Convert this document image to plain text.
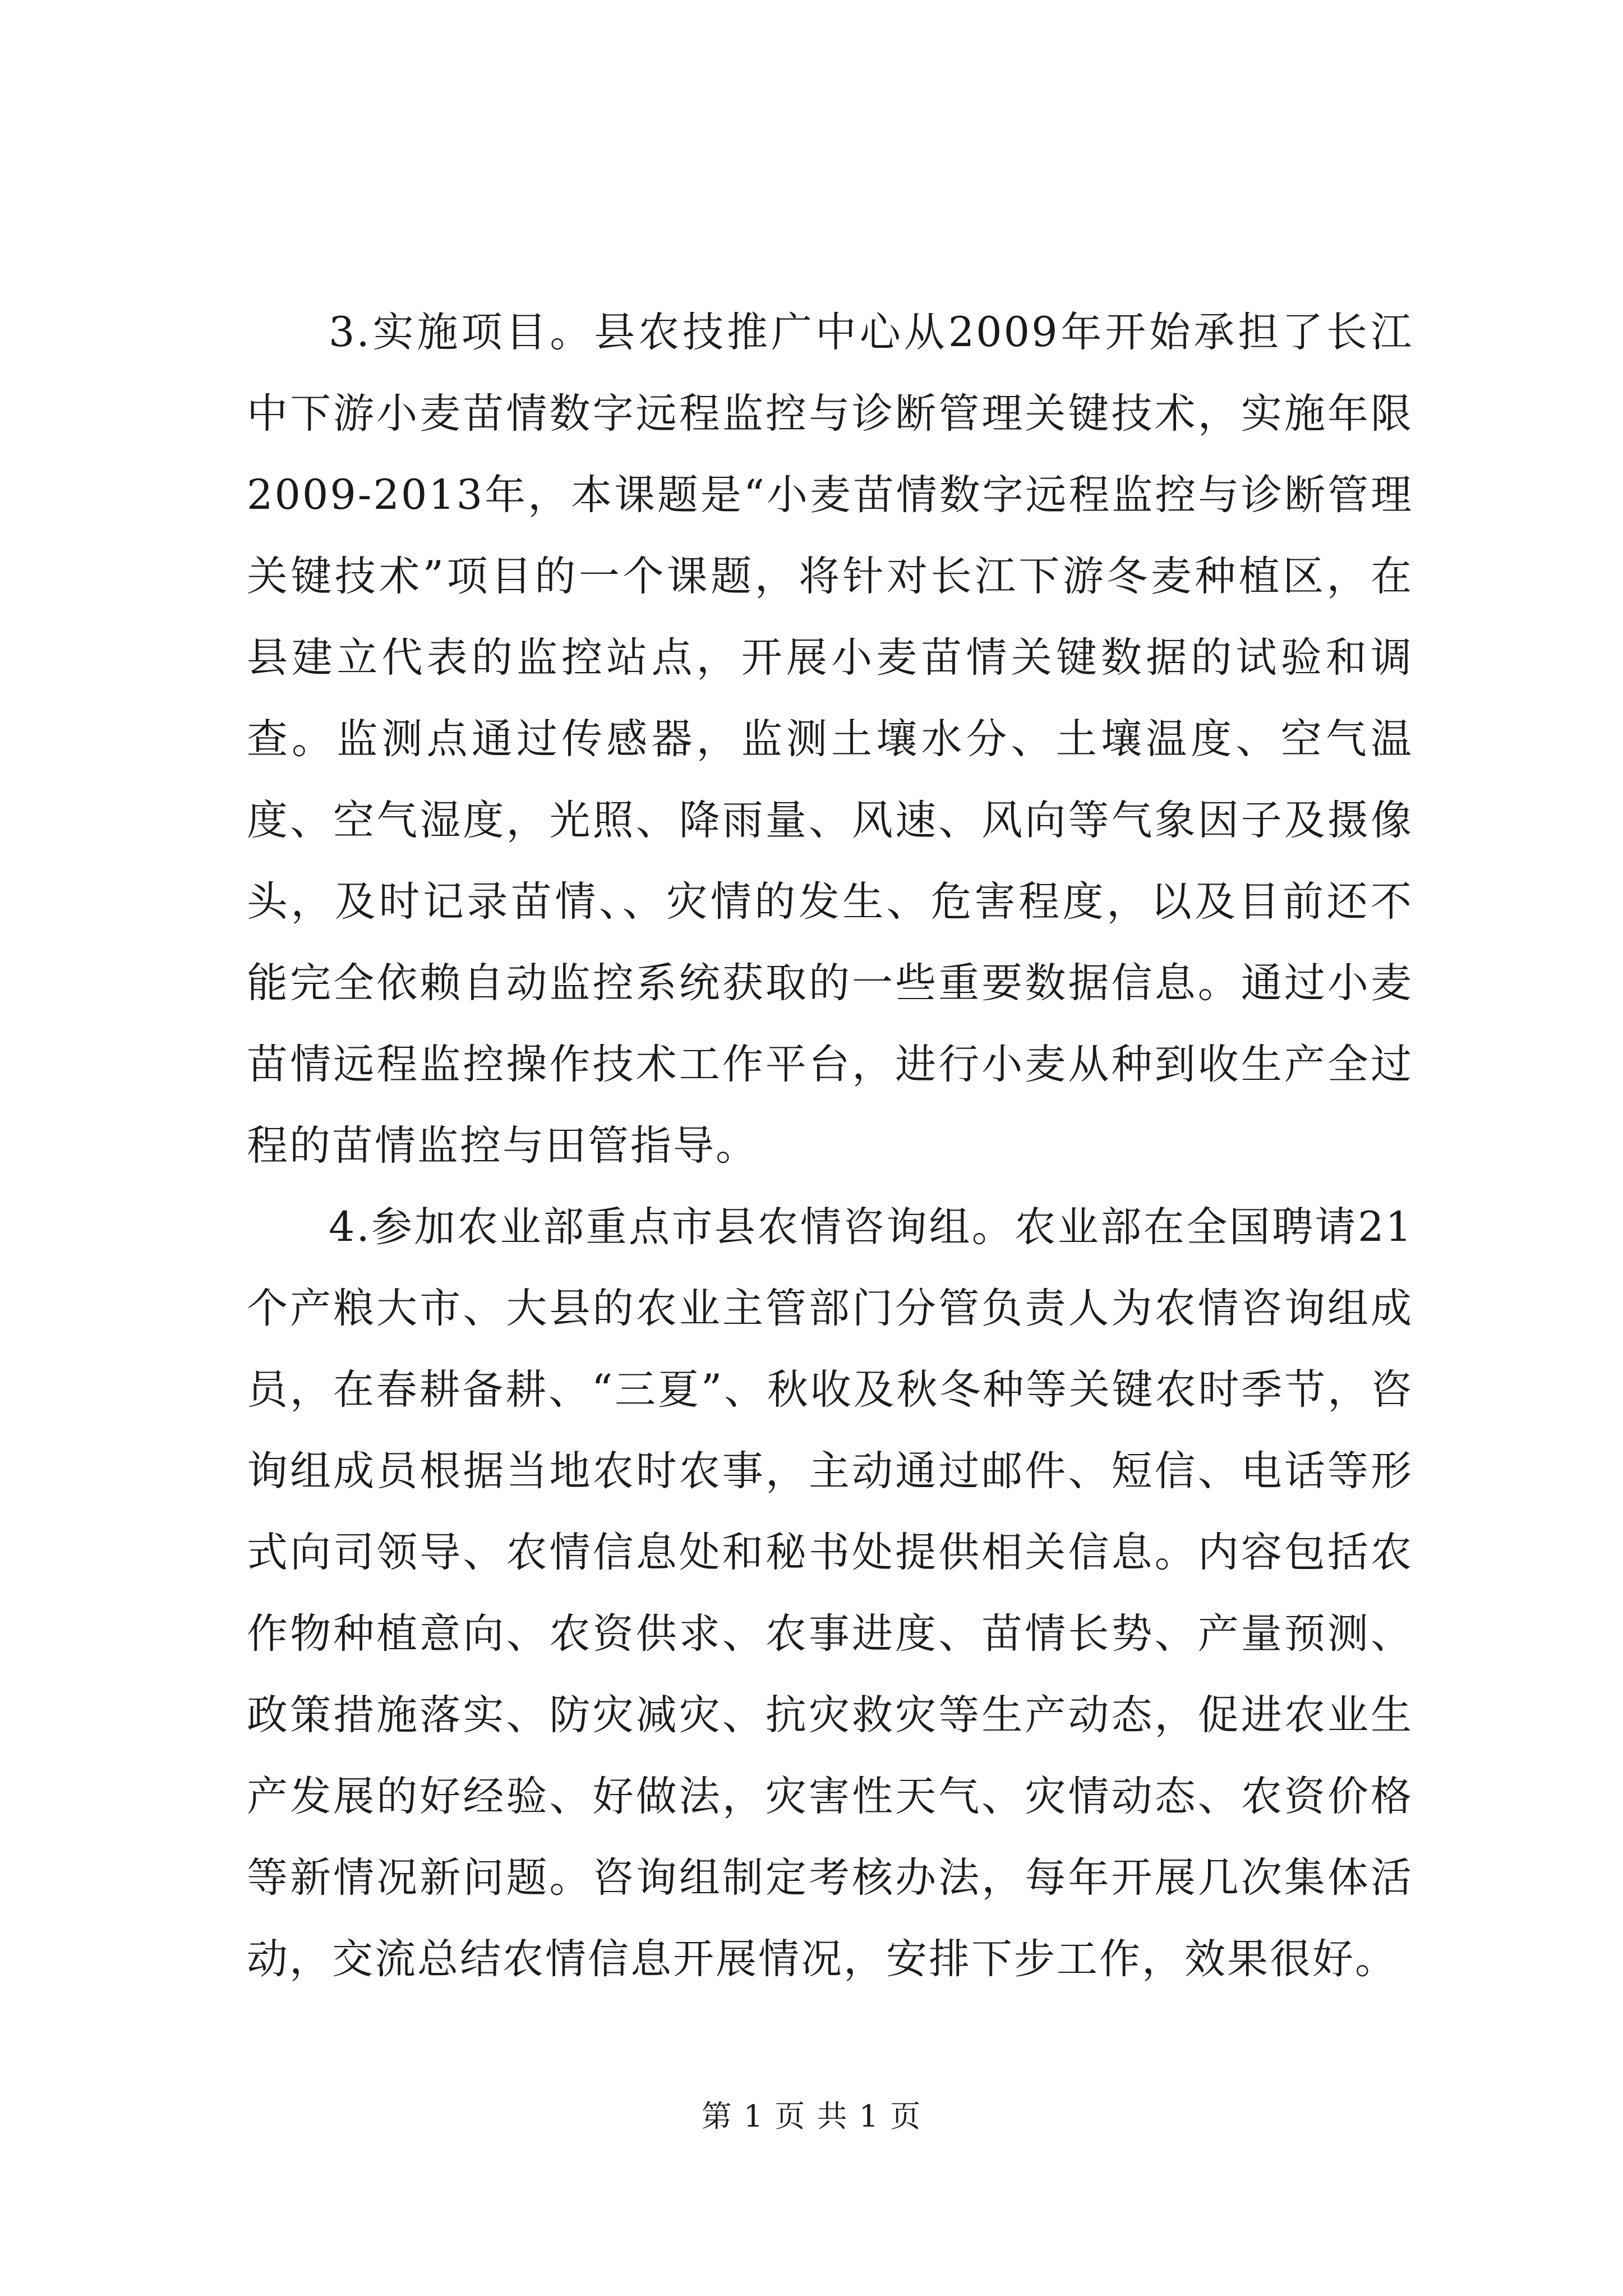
3.实施项目。县农技推广中心从2009年开始承担了长江中下游小麦苗情数字远程监控与诊断管理关键技术，实施年限2009-2013年，本课题是“小麦苗情数字远程监控与诊断管理关键技术”项目的一个课题，将针对长江下游冬麦种植区，在县建立代表的监控站点，开展小麦苗情关键数据的试验和调查。监测点通过传感器，监测土壤水分、土壤温度、空气温度、空气湿度，光照、降雨量、风速、风向等气象因子及摄像头，及时记录苗情、、灾情的发生、危害程度，以及目前还不能完全依赖自动监控系统获取的一些重要数据信息。通过小麦苗情远程监控操作技术工作平台，进行小麦从种到收生产全过程的苗情监控与田管指导。

4.参加农业部重点市县农情咨询组。农业部在全国聘请21个产粮大市、大县的农业主管部门分管负责人为农情咨询组成员，在春耕备耕、“三夏”、秋收及秋冬种等关键农时季节，咨询组成员根据当地农时农事，主动通过邮件、短信、电话等形式向司领导、农情信息处和秘书处提供相关信息。内容包括农作物种植意向、农资供求、农事进度、苗情长势、产量预测、政策措施落实、防灾减灾、抗灾救灾等生产动态，促进农业生产发展的好经验、好做法，灾害性天气、灾情动态、农资价格等新情况新问题。咨询组制定考核办法，每年开展几次集体活动，交流总结农情信息开展情况，安排下步工作，效果很好。

第 1 页 共 1 页
